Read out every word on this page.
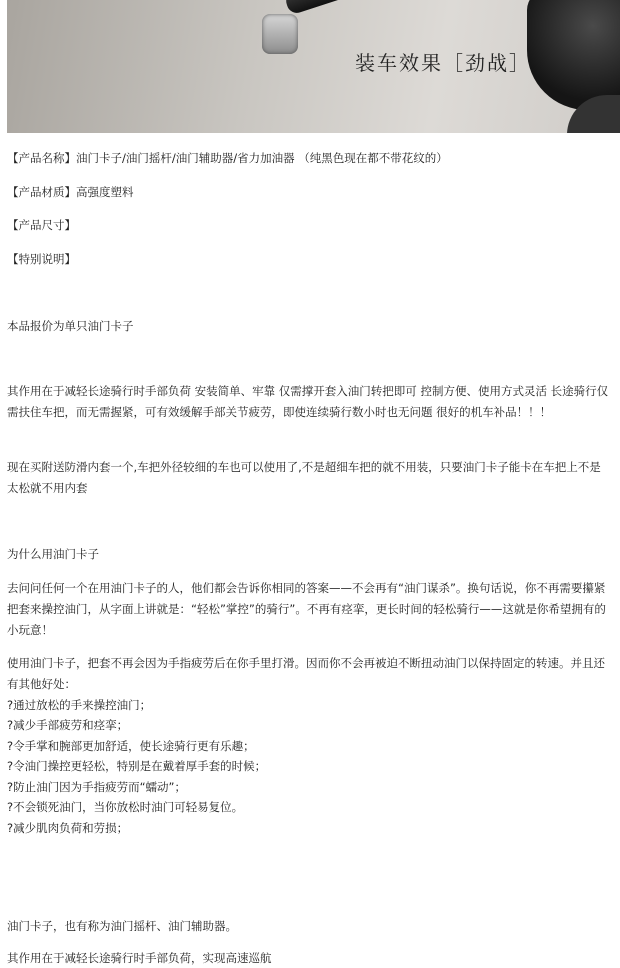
装车效果［劲战］
【产品名称】油门卡子/油门摇杆/油门辅助器/省力加油器 （纯黑色现在都不带花纹的）
【产品材质】高强度塑料
【产品尺寸】
【特别说明】
本品报价为单只油门卡子
其作用在于减轻长途骑行时手部负荷 安装简单、牢靠 仅需撑开套入油门转把即可 控制方便、使用方式灵活 长途骑行仅需扶住车把，而无需握紧，可有效缓解手部关节疲劳，即使连续骑行数小时也无问题 很好的机车补品！！！
现在买附送防滑内套一个,车把外径较细的车也可以使用了,不是超细车把的就不用装，只要油门卡子能卡在车把上不是太松就不用内套
为什么用油门卡子
去问问任何一个在用油门卡子的人，他们都会告诉你相同的答案——不会再有“油门谋杀”。换句话说，你不再需要攥紧把套来操控油门，从字面上讲就是：“轻松”掌控”的骑行”。不再有痉挛，更长时间的轻松骑行——这就是你希望拥有的小玩意！
使用油门卡子，把套不再会因为手指疲劳后在你手里打滑。因而你不会再被迫不断扭动油门以保持固定的转速。并且还有其他好处：
?通过放松的手来操控油门；
?减少手部疲劳和痉挛；
?令手掌和腕部更加舒适，使长途骑行更有乐趣；
?令油门操控更轻松，特别是在戴着厚手套的时候；
?防止油门因为手指疲劳而“蠕动”；
?不会锁死油门，当你放松时油门可轻易复位。
?减少肌肉负荷和劳损；
油门卡子，也有称为油门摇杆、油门辅助器。
其作用在于减轻长途骑行时手部负荷，实现高速巡航
